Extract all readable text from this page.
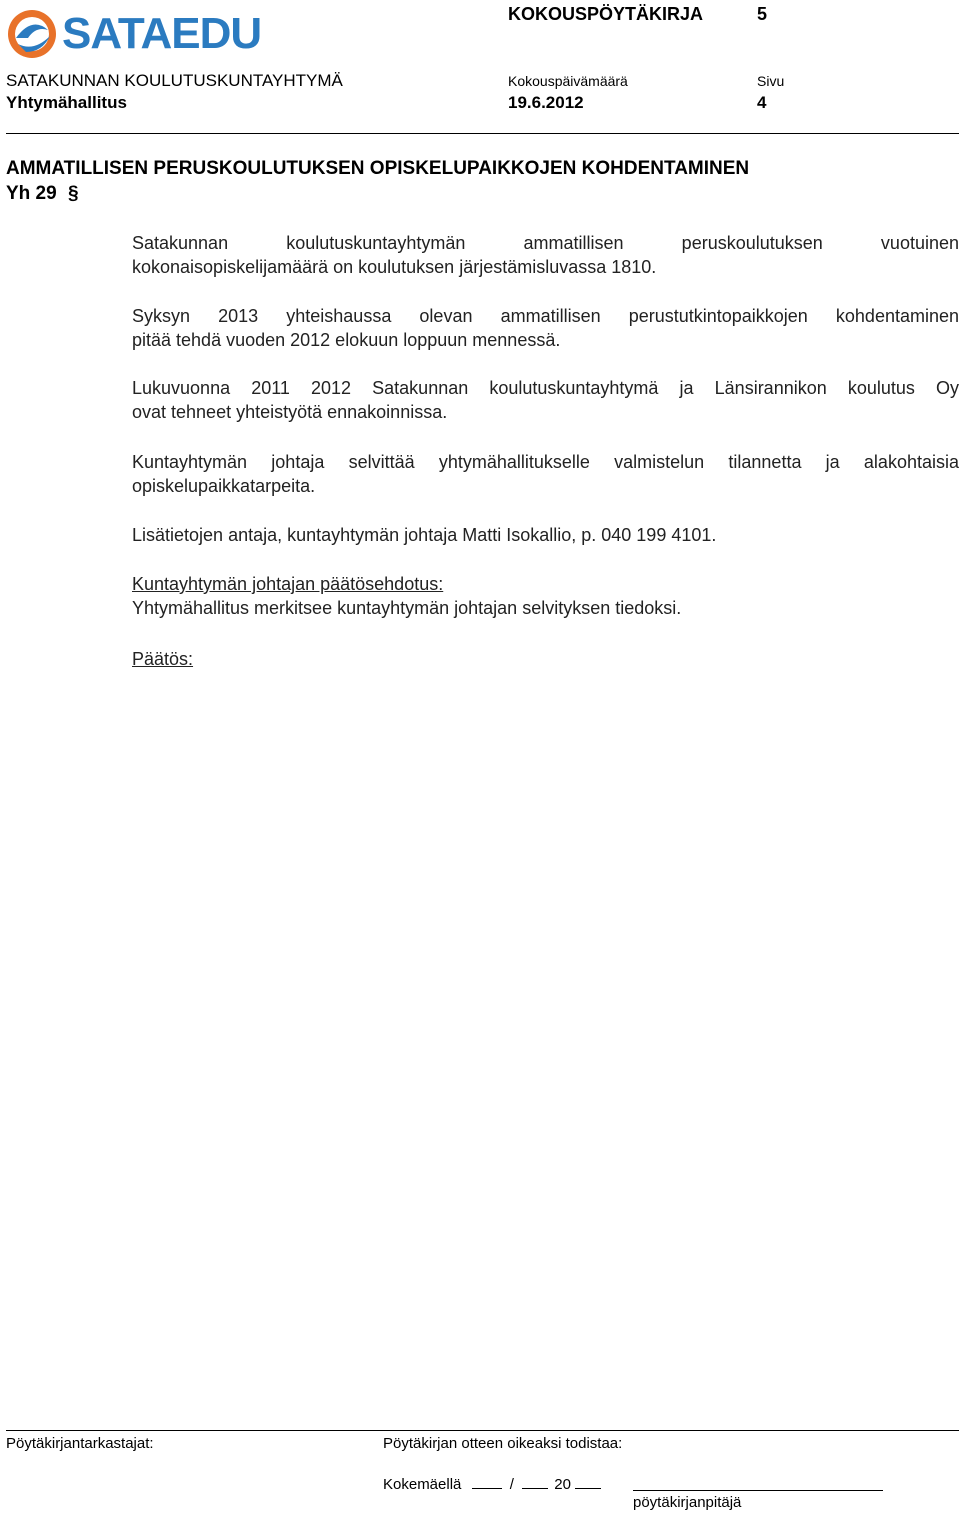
SATAEDU	KOKOUSPÖYTÄKIRJA	5
SATAKUNNAN KOULUTUSKUNTAYHTYMÄ	Kokouspäivämäärä	Sivu
Yhtymähallitus	19.6.2012	4
AMMATILLISEN PERUSKOULUTUKSEN OPISKELUPAIKKOJEN KOHDENTAMINEN
Yh 29 §
Satakunnan koulutuskuntayhtymän ammatillisen peruskoulutuksen vuotuinen
kokonaisopiskelijamäärä on koulutuksen järjestämisluvassa 1810.
Syksyn 2013 yhteishaussa olevan ammatillisen perustutkintopaikkojen kohdentaminen
pitää tehdä vuoden 2012 elokuun loppuun mennessä.
Lukuvuonna 2011 2012 Satakunnan koulutuskuntayhtymä ja Länsirannikon koulutus Oy
ovat tehneet yhteistyötä ennakoinnissa.
Kuntayhtymän johtaja selvittää yhtymähallitukselle valmistelun tilannetta ja alakohtaisia
opiskelupaikkatarpeita.
Lisätietojen antaja, kuntayhtymän johtaja Matti Isokallio, p. 040 199 4101.
Kuntayhtymän johtajan päätösehdotus:
Yhtymähallitus merkitsee kuntayhtymän johtajan selvityksen tiedoksi.
Päätös:
Pöytäkirjantarkastajat:	Pöytäkirjan otteen oikeaksi todistaa:
Kokemäellä	/	20
pöytäkirjanpitäjä
